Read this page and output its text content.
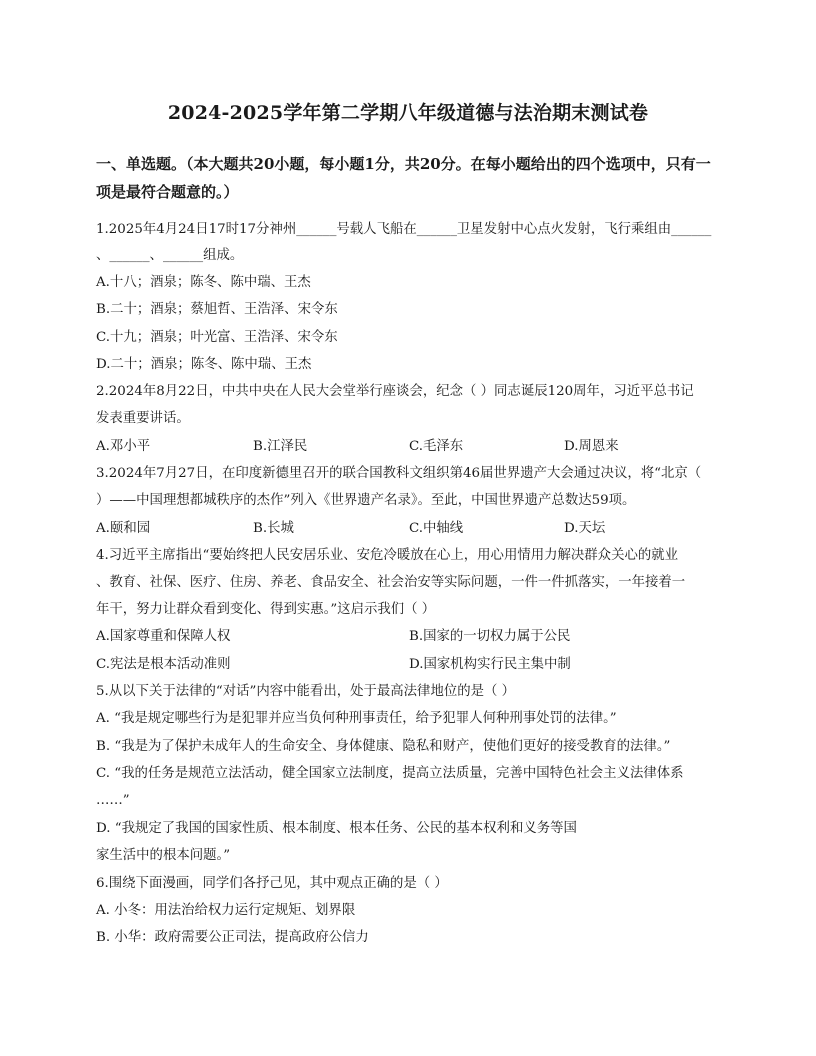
2024-2025学年第二学期八年级道德与法治期末测试卷
一、单选题。（本大题共20小题，每小题1分，共20分。在每小题给出的四个选项中，只有一项是最符合题意的。）
1.2025年4月24日17时17分神州______号载人飞船在______卫星发射中心点火发射，飞行乘组由______
、______、______组成。
A.十八；酒泉；陈冬、陈中瑞、王杰
B.二十；酒泉；蔡旭哲、王浩泽、宋令东
C.十九；酒泉；叶光富、王浩泽、宋令东
D.二十；酒泉；陈冬、陈中瑞、王杰
2.2024年8月22日，中共中央在人民大会堂举行座谈会，纪念（ ）同志诞辰120周年，习近平总书记
发表重要讲话。
A.邓小平	B.江泽民	C.毛泽东	D.周恩来
3.2024年7月27日，在印度新德里召开的联合国教科文组织第46届世界遗产大会通过决议，将“北京（
）——中国理想都城秩序的杰作”列入《世界遗产名录》。至此，中国世界遗产总数达59项。
A.颐和园	B.长城	C.中轴线	D.天坛
4.习近平主席指出“要始终把人民安居乐业、安危冷暖放在心上，用心用情用力解决群众关心的就业
、教育、社保、医疗、住房、养老、食品安全、社会治安等实际问题，一件一件抓落实，一年接着一
年干，努力让群众看到变化、得到实惠。”这启示我们（ ）
A.国家尊重和保障人权	B.国家的一切权力属于公民
C.宪法是根本活动准则	D.国家机构实行民主集中制
5.从以下关于法律的“对话”内容中能看出，处于最高法律地位的是（ ）
A. “我是规定哪些行为是犯罪并应当负何种刑事责任，给予犯罪人何种刑事处罚的法律。”
B. “我是为了保护未成年人的生命安全、身体健康、隐私和财产，使他们更好的接受教育的法律。”
C. “我的任务是规范立法活动，健全国家立法制度，提高立法质量，完善中国特色社会主义法律体系
……”
D. “我规定了我国的国家性质、根本制度、根本任务、公民的基本权利和义务等国
家生活中的根本问题。”
6.围绕下面漫画，同学们各抒己见，其中观点正确的是（ ）
A. 小冬：用法治给权力运行定规矩、划界限
B. 小华：政府需要公正司法，提高政府公信力
